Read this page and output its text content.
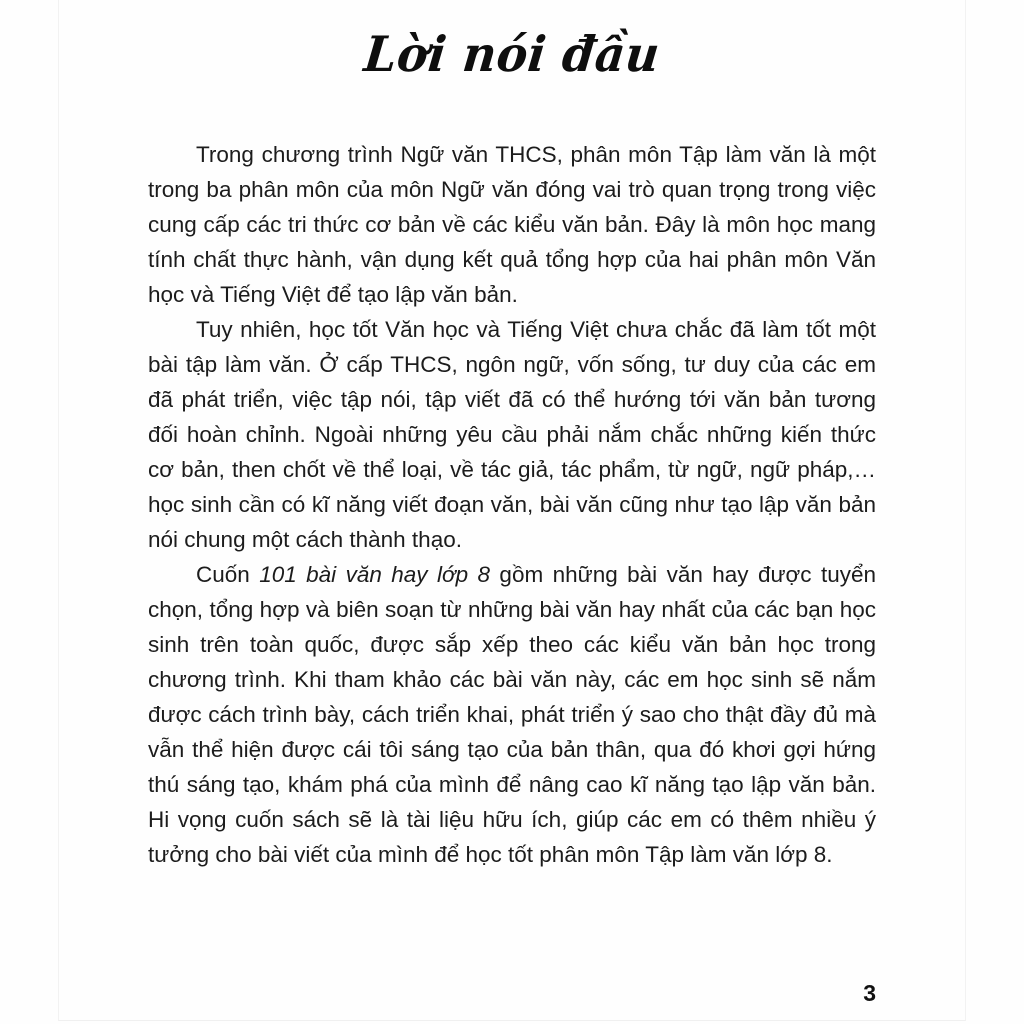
Lời nói đầu

Trong chương trình Ngữ văn THCS, phân môn Tập làm văn là một trong ba phân môn của môn Ngữ văn đóng vai trò quan trọng trong việc cung cấp các tri thức cơ bản về các kiểu văn bản. Đây là môn học mang tính chất thực hành, vận dụng kết quả tổng hợp của hai phân môn Văn học và Tiếng Việt để tạo lập văn bản.

Tuy nhiên, học tốt Văn học và Tiếng Việt chưa chắc đã làm tốt một bài tập làm văn. Ở cấp THCS, ngôn ngữ, vốn sống, tư duy của các em đã phát triển, việc tập nói, tập viết đã có thể hướng tới văn bản tương đối hoàn chỉnh. Ngoài những yêu cầu phải nắm chắc những kiến thức cơ bản, then chốt về thể loại, về tác giả, tác phẩm, từ ngữ, ngữ pháp,… học sinh cần có kĩ năng viết đoạn văn, bài văn cũng như tạo lập văn bản nói chung một cách thành thạo.

Cuốn 101 bài văn hay lớp 8 gồm những bài văn hay được tuyển chọn, tổng hợp và biên soạn từ những bài văn hay nhất của các bạn học sinh trên toàn quốc, được sắp xếp theo các kiểu văn bản học trong chương trình. Khi tham khảo các bài văn này, các em học sinh sẽ nắm được cách trình bày, cách triển khai, phát triển ý sao cho thật đầy đủ mà vẫn thể hiện được cái tôi sáng tạo của bản thân, qua đó khơi gợi hứng thú sáng tạo, khám phá của mình để nâng cao kĩ năng tạo lập văn bản. Hi vọng cuốn sách sẽ là tài liệu hữu ích, giúp các em có thêm nhiều ý tưởng cho bài viết của mình để học tốt phân môn Tập làm văn lớp 8.

3
